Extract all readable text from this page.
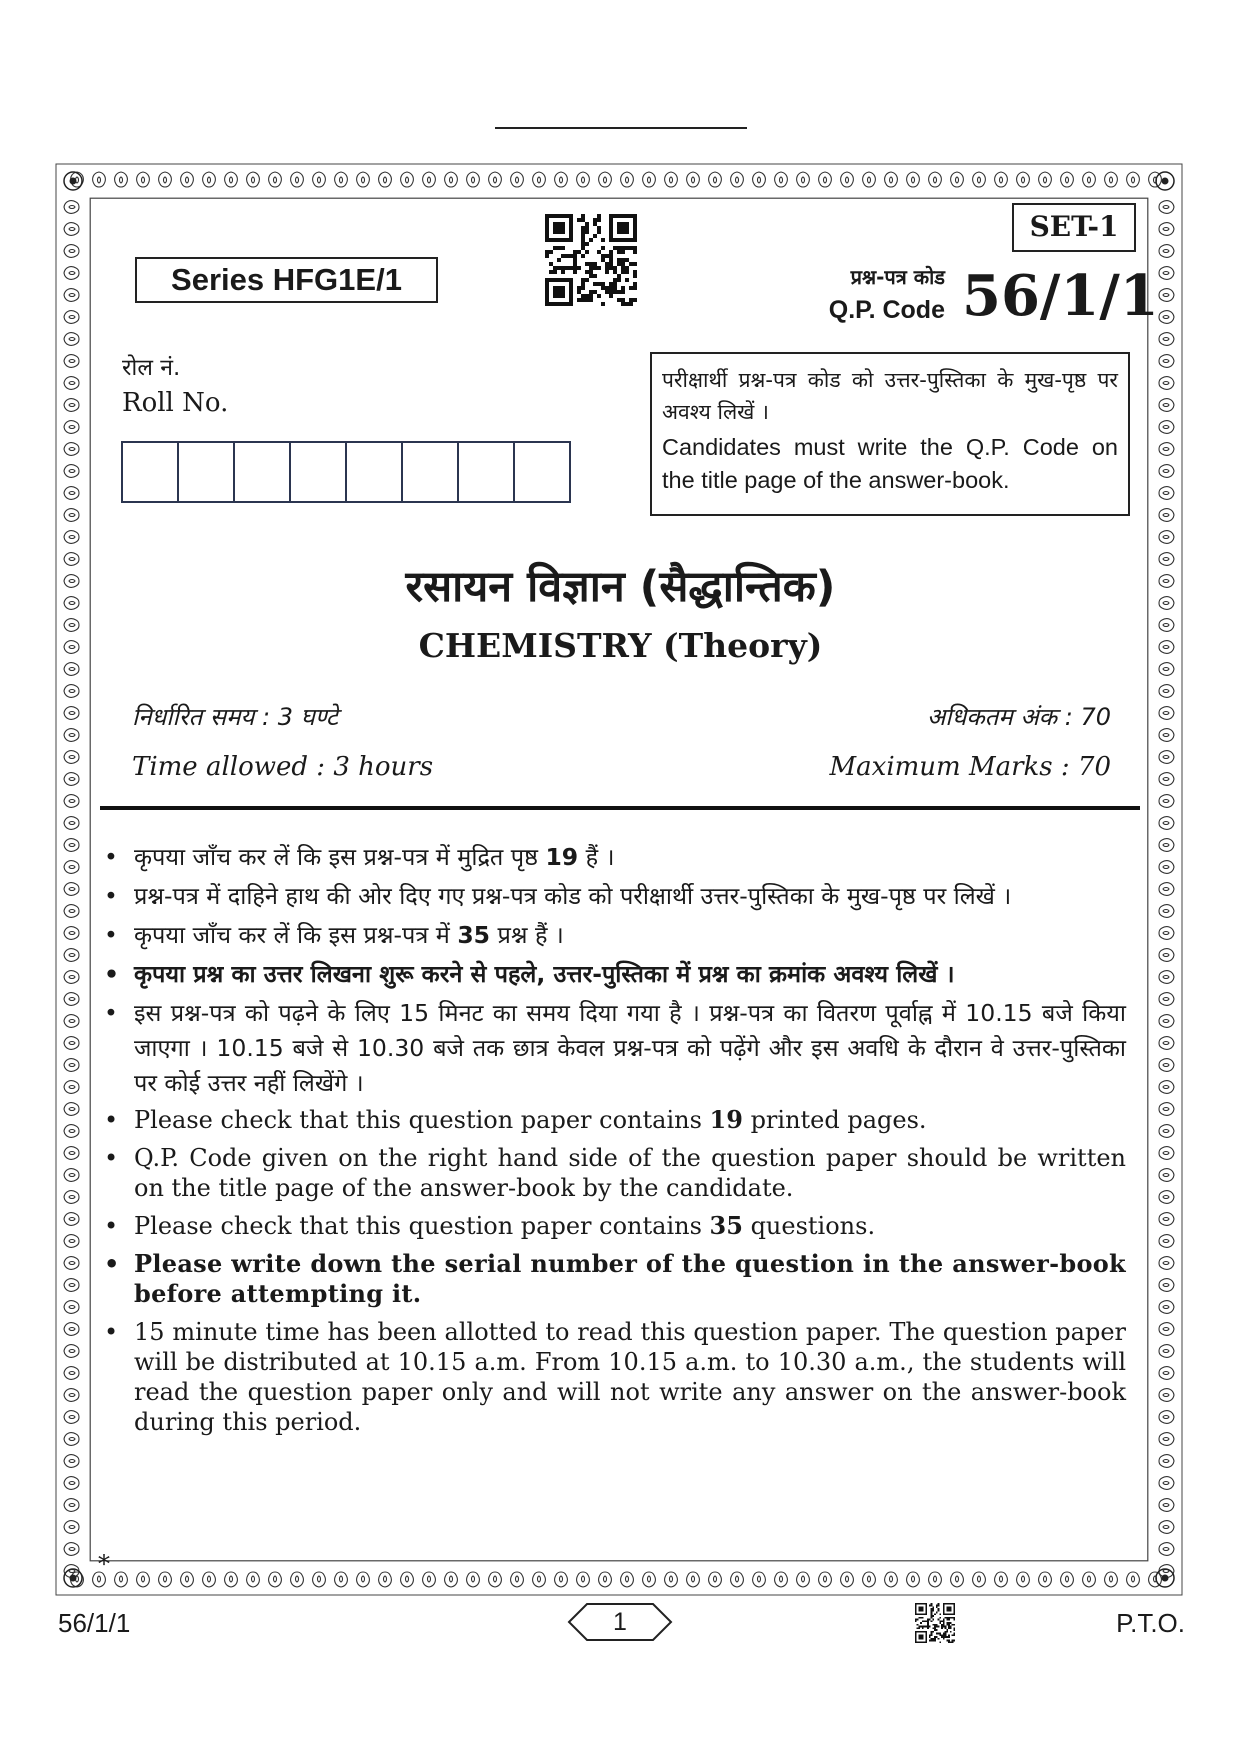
Series HFG1E/1
SET-1
प्रश्न-पत्र कोड
Q.P. Code 56/1/1
रोल नं.
Roll No.
परीक्षार्थी प्रश्न-पत्र कोड को उत्तर-पुस्तिका के मुख-पृष्ठ पर अवश्य लिखें ।
Candidates must write the Q.P. Code on the title page of the answer-book.
रसायन विज्ञान (सैद्धान्तिक)
CHEMISTRY (Theory)
निर्धारित समय : 3 घण्टे	अधिकतम अंक : 70
Time allowed : 3 hours	Maximum Marks : 70
• कृपया जाँच कर लें कि इस प्रश्न-पत्र में मुद्रित पृष्ठ 19 हैं ।
• प्रश्न-पत्र में दाहिने हाथ की ओर दिए गए प्रश्न-पत्र कोड को परीक्षार्थी उत्तर-पुस्तिका के मुख-पृष्ठ पर लिखें ।
• कृपया जाँच कर लें कि इस प्रश्न-पत्र में 35 प्रश्न हैं ।
• कृपया प्रश्न का उत्तर लिखना शुरू करने से पहले, उत्तर-पुस्तिका में प्रश्न का क्रमांक अवश्य लिखें ।
• इस प्रश्न-पत्र को पढ़ने के लिए 15 मिनट का समय दिया गया है । प्रश्न-पत्र का वितरण पूर्वाह्न में 10.15 बजे किया जाएगा । 10.15 बजे से 10.30 बजे तक छात्र केवल प्रश्न-पत्र को पढ़ेंगे और इस अवधि के दौरान वे उत्तर-पुस्तिका पर कोई उत्तर नहीं लिखेंगे ।
• Please check that this question paper contains 19 printed pages.
• Q.P. Code given on the right hand side of the question paper should be written on the title page of the answer-book by the candidate.
• Please check that this question paper contains 35 questions.
• Please write down the serial number of the question in the answer-book before attempting it.
• 15 minute time has been allotted to read this question paper. The question paper will be distributed at 10.15 a.m. From 10.15 a.m. to 10.30 a.m., the students will read the question paper only and will not write any answer on the answer-book during this period.
*
56/1/1	1	P.T.O.
